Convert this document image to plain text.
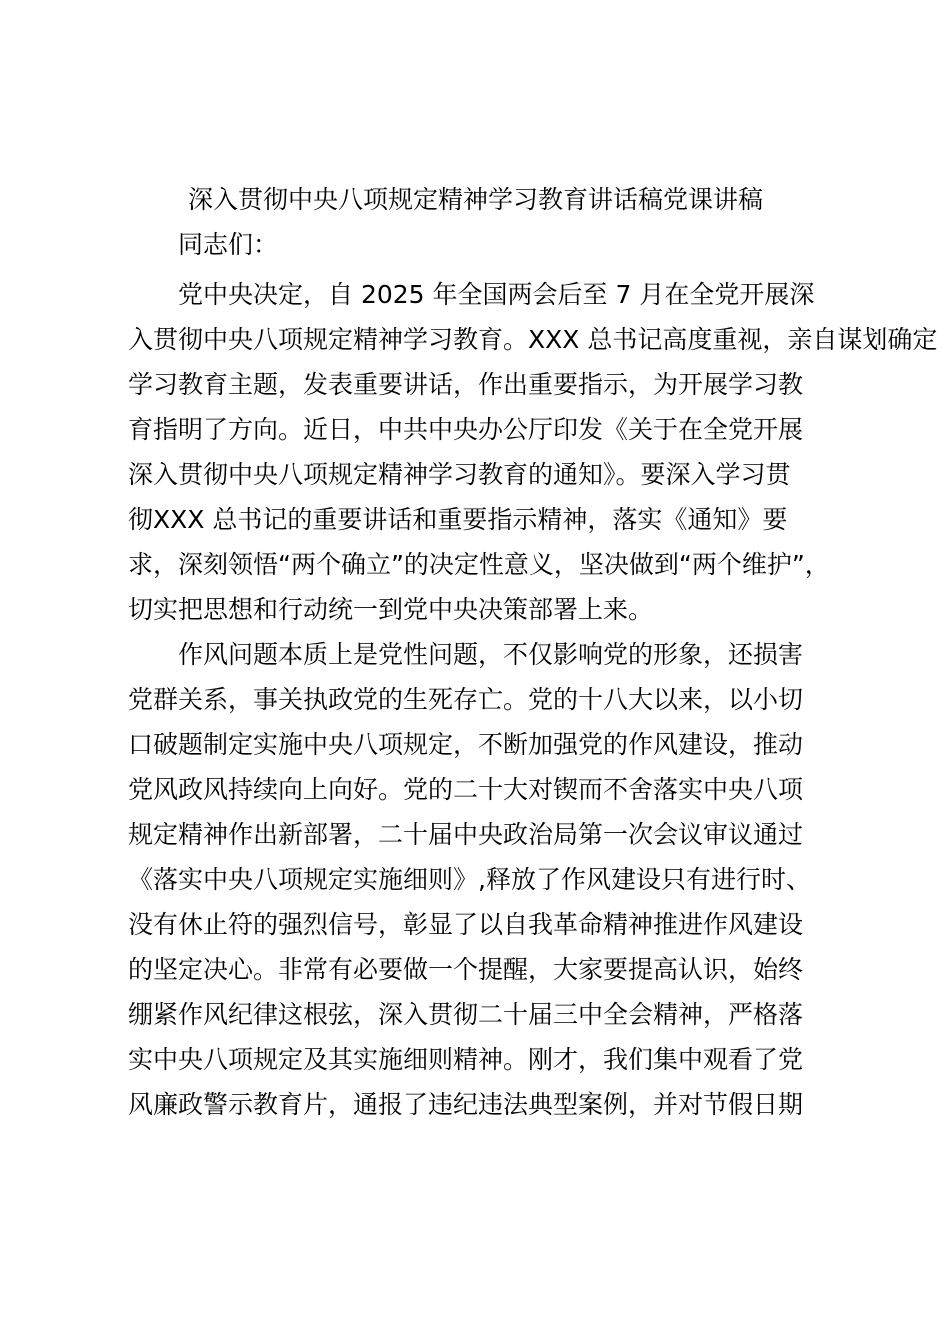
深入贯彻中央八项规定精神学习教育讲话稿党课讲稿

同志们：

党中央决定，自 2025 年全国两会后至 7 月在全党开展深

入贯彻中央八项规定精神学习教育。XXX 总书记高度重视，亲自谋划确定

学习教育主题，发表重要讲话，作出重要指示，为开展学习教

育指明了方向。近日，中共中央办公厅印发《关于在全党开展

深入贯彻中央八项规定精神学习教育的通知》。要深入学习贯

彻XXX 总书记的重要讲话和重要指示精神，落实《通知》要

求，深刻领悟“两个确立”的决定性意义，坚决做到“两个维护”，

切实把思想和行动统一到党中央决策部署上来。

作风问题本质上是党性问题，不仅影响党的形象，还损害

党群关系，事关执政党的生死存亡。党的十八大以来，以小切

口破题制定实施中央八项规定，不断加强党的作风建设，推动

党风政风持续向上向好。党的二十大对锲而不舍落实中央八项

规定精神作出新部署，二十届中央政治局第一次会议审议通过

《落实中央八项规定实施细则》,释放了作风建设只有进行时、

没有休止符的强烈信号，彰显了以自我革命精神推进作风建设

的坚定决心。非常有必要做一个提醒，大家要提高认识，始终

绷紧作风纪律这根弦，深入贯彻二十届三中全会精神，严格落

实中央八项规定及其实施细则精神。刚才，我们集中观看了党

风廉政警示教育片，通报了违纪违法典型案例，并对节假日期
